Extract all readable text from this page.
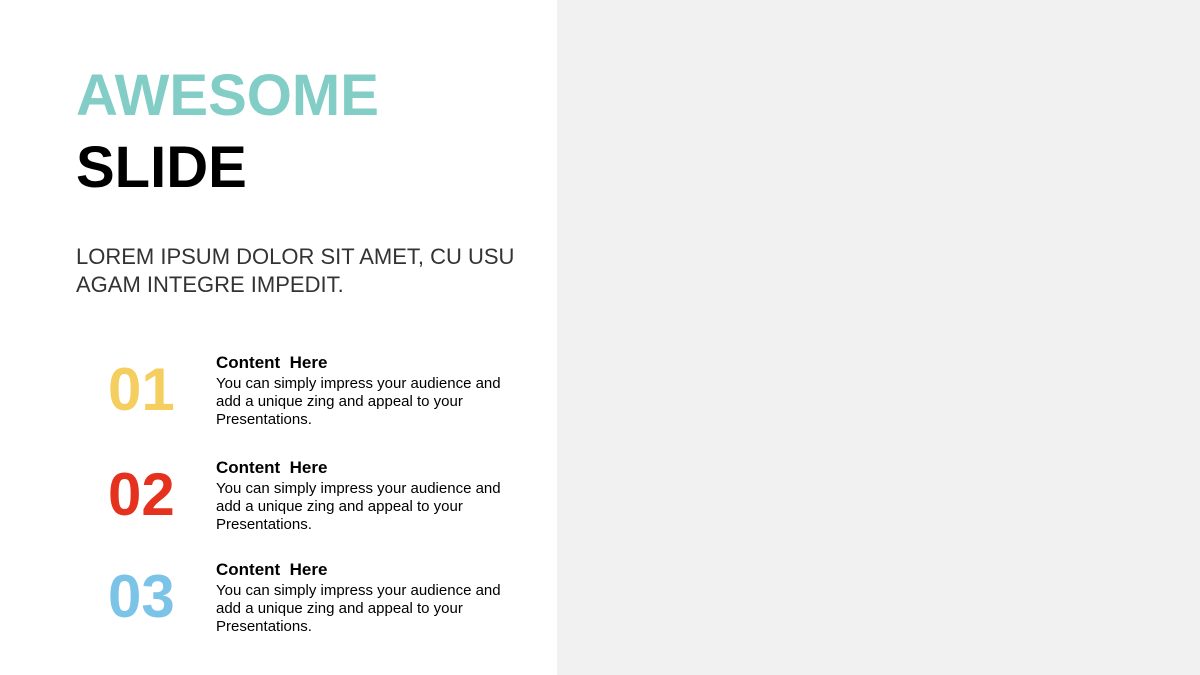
AWESOME
SLIDE
LOREM IPSUM DOLOR SIT AMET, CU USU AGAM INTEGRE IMPEDIT.
01 Content  Here
You can simply impress your audience and add a unique zing and appeal to your Presentations.
02 Content  Here
You can simply impress your audience and add a unique zing and appeal to your Presentations.
03 Content  Here
You can simply impress your audience and add a unique zing and appeal to your Presentations.
